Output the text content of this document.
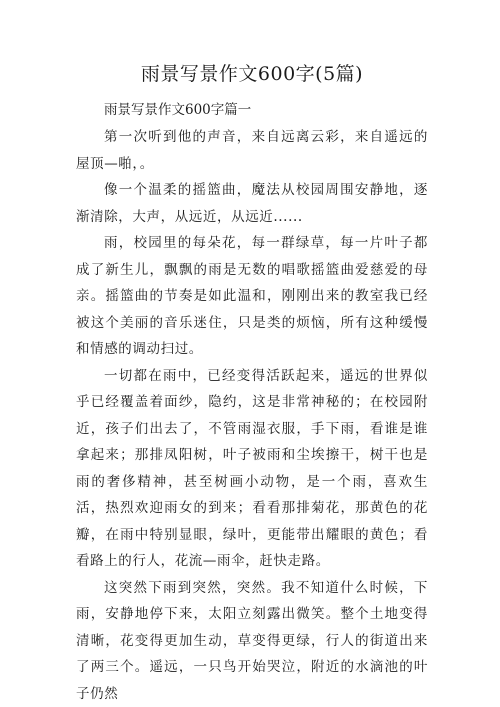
雨景写景作文600字(5篇)

雨景写景作文600字篇一

第一次听到他的声音，来自远离云彩，来自遥远的屋顶—啪，。

像一个温柔的摇篮曲，魔法从校园周围安静地，逐渐清除，大声，从远近，从远近......

雨，校园里的每朵花，每一群绿草，每一片叶子都成了新生儿，飘飘的雨是无数的唱歌摇篮曲爱慈爱的母亲。摇篮曲的节奏是如此温和，刚刚出来的教室我已经被这个美丽的音乐迷住，只是类的烦恼，所有这种缓慢和情感的调动扫过。

一切都在雨中，已经变得活跃起来，遥远的世界似乎已经覆盖着面纱，隐约，这是非常神秘的；在校园附近，孩子们出去了，不管雨湿衣服，手下雨，看谁是谁拿起来；那排凤阳树，叶子被雨和尘埃擦干，树干也是雨的奢侈精神，甚至树画小动物，是一个雨，喜欢生活，热烈欢迎雨女的到来；看看那排菊花，那黄色的花瓣，在雨中特别显眼，绿叶，更能带出耀眼的黄色；看看路上的行人，花流—雨伞，赶快走路。

这突然下雨到突然，突然。我不知道什么时候，下雨，安静地停下来，太阳立刻露出微笑。整个土地变得清晰，花变得更加生动，草变得更绿，行人的街道出来了两三个。遥远，一只鸟开始哭泣，附近的水滴池的叶子仍然
